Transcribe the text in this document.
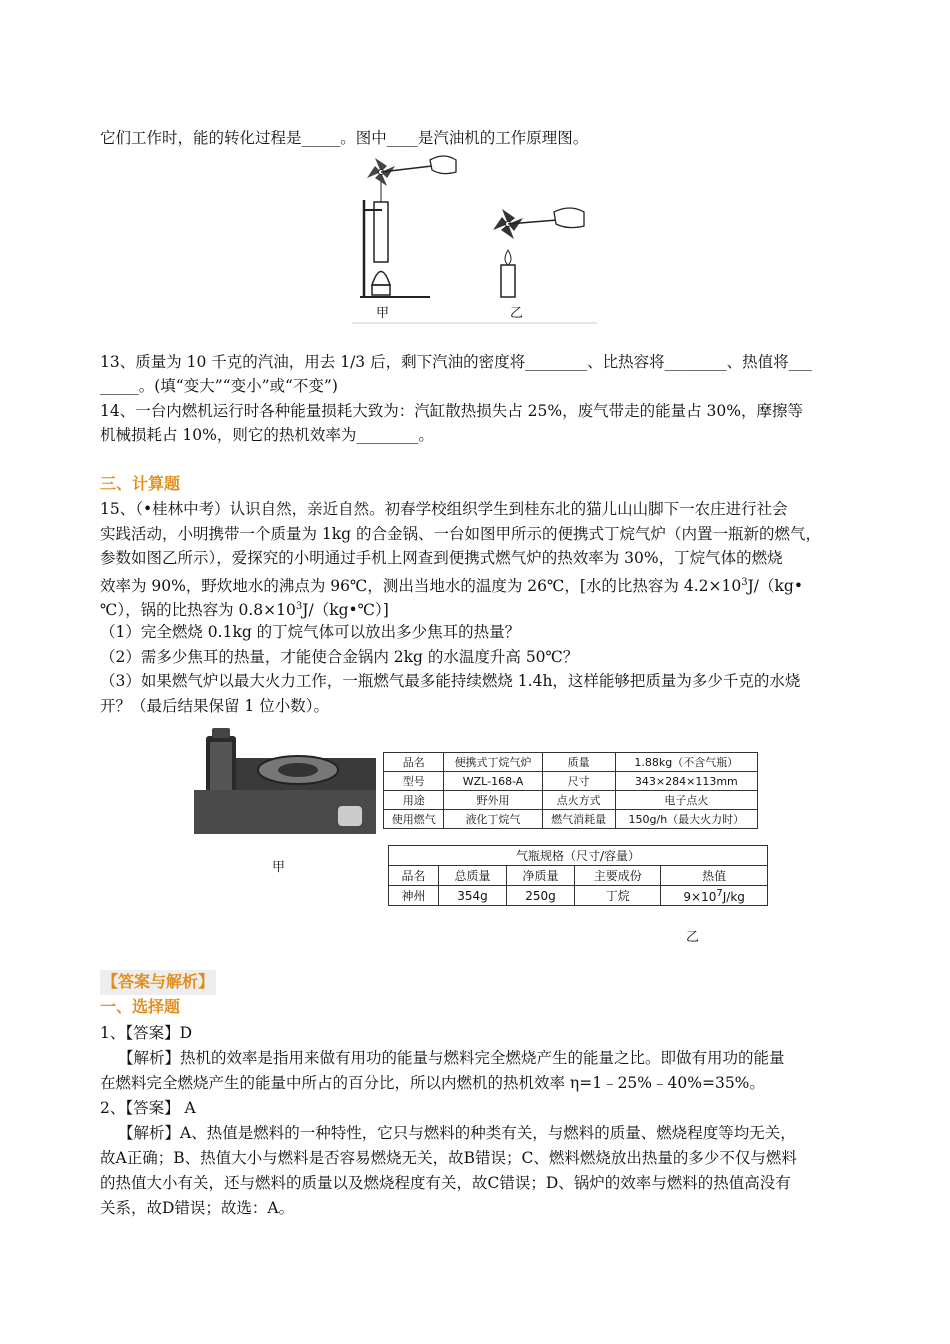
它们工作时，能的转化过程是_____。图中____是汽油机的工作原理图。

甲	乙

13、质量为 10 千克的汽油，用去 1/3 后，剩下汽油的密度将________、比热容将________、热值将___

_____。(填“变大”“变小”或“不变”)

14、一台内燃机运行时各种能量损耗大致为：汽缸散热损失占 25%，废气带走的能量占 30%，摩擦等

机械损耗占 10%，则它的热机效率为________。

三、计算题

15、（•桂林中考）认识自然，亲近自然。初春学校组织学生到桂东北的猫儿山山脚下一农庄进行社会

实践活动，小明携带一个质量为 1kg 的合金锅、一台如图甲所示的便携式丁烷气炉（内置一瓶新的燃气，

参数如图乙所示），爱探究的小明通过手机上网查到便携式燃气炉的热效率为 30%，丁烷气体的燃烧

效率为 90%，野炊地水的沸点为 96℃，测出当地水的温度为 26℃，[水的比热容为 $4.2\times 10^3J/(kg•$

℃），锅的比热容为 $0.8\times 10^3J/(kg•℃)$]

（1）完全燃烧 0.1kg 的丁烷气体可以放出多少焦耳的热量？

（2）需多少焦耳的热量，才能使合金锅内 2kg 的水温度升高 50℃？

（3）如果燃气炉以最大火力工作，一瓶燃气最多能持续燃烧 1.4h，这样能够把质量为多少千克的水烧

开？（最后结果保留 1 位小数）。

甲
品名	便携式丁烷气炉	质量	1.88kg（不含气瓶）
型号	WZL-168-A	尺寸	343×284×113mm
用途	野外用	点火方式	电子点火
使用燃气	液化丁烷气	燃气消耗量	150g/h（最大火力时）
气瓶规格（尺寸/容量）				
品名	总质量	净质量	主要成份	热值
神州	354g	250g	丁烷	$9\times 10^7J/kg$
乙

【答案与解析】

一、选择题

1、【答案】D

【解析】热机的效率是指用来做有用功的能量与燃料完全燃烧产生的能量之比。即做有用功的能量

在燃料完全燃烧产生的能量中所占的百分比，所以内燃机的热机效率 η=1﹣25%﹣40%=35%。

2、【答案】 A

【解析】A、热值是燃料的一种特性，它只与燃料的种类有关，与燃料的质量、燃烧程度等均无关，

故A正确；B、热值大小与燃料是否容易燃烧无关，故B错误；C、燃料燃烧放出热量的多少不仅与燃料

的热值大小有关，还与燃料的质量以及燃烧程度有关，故C错误；D、锅炉的效率与燃料的热值高没有

关系，故D错误；故选：A。
